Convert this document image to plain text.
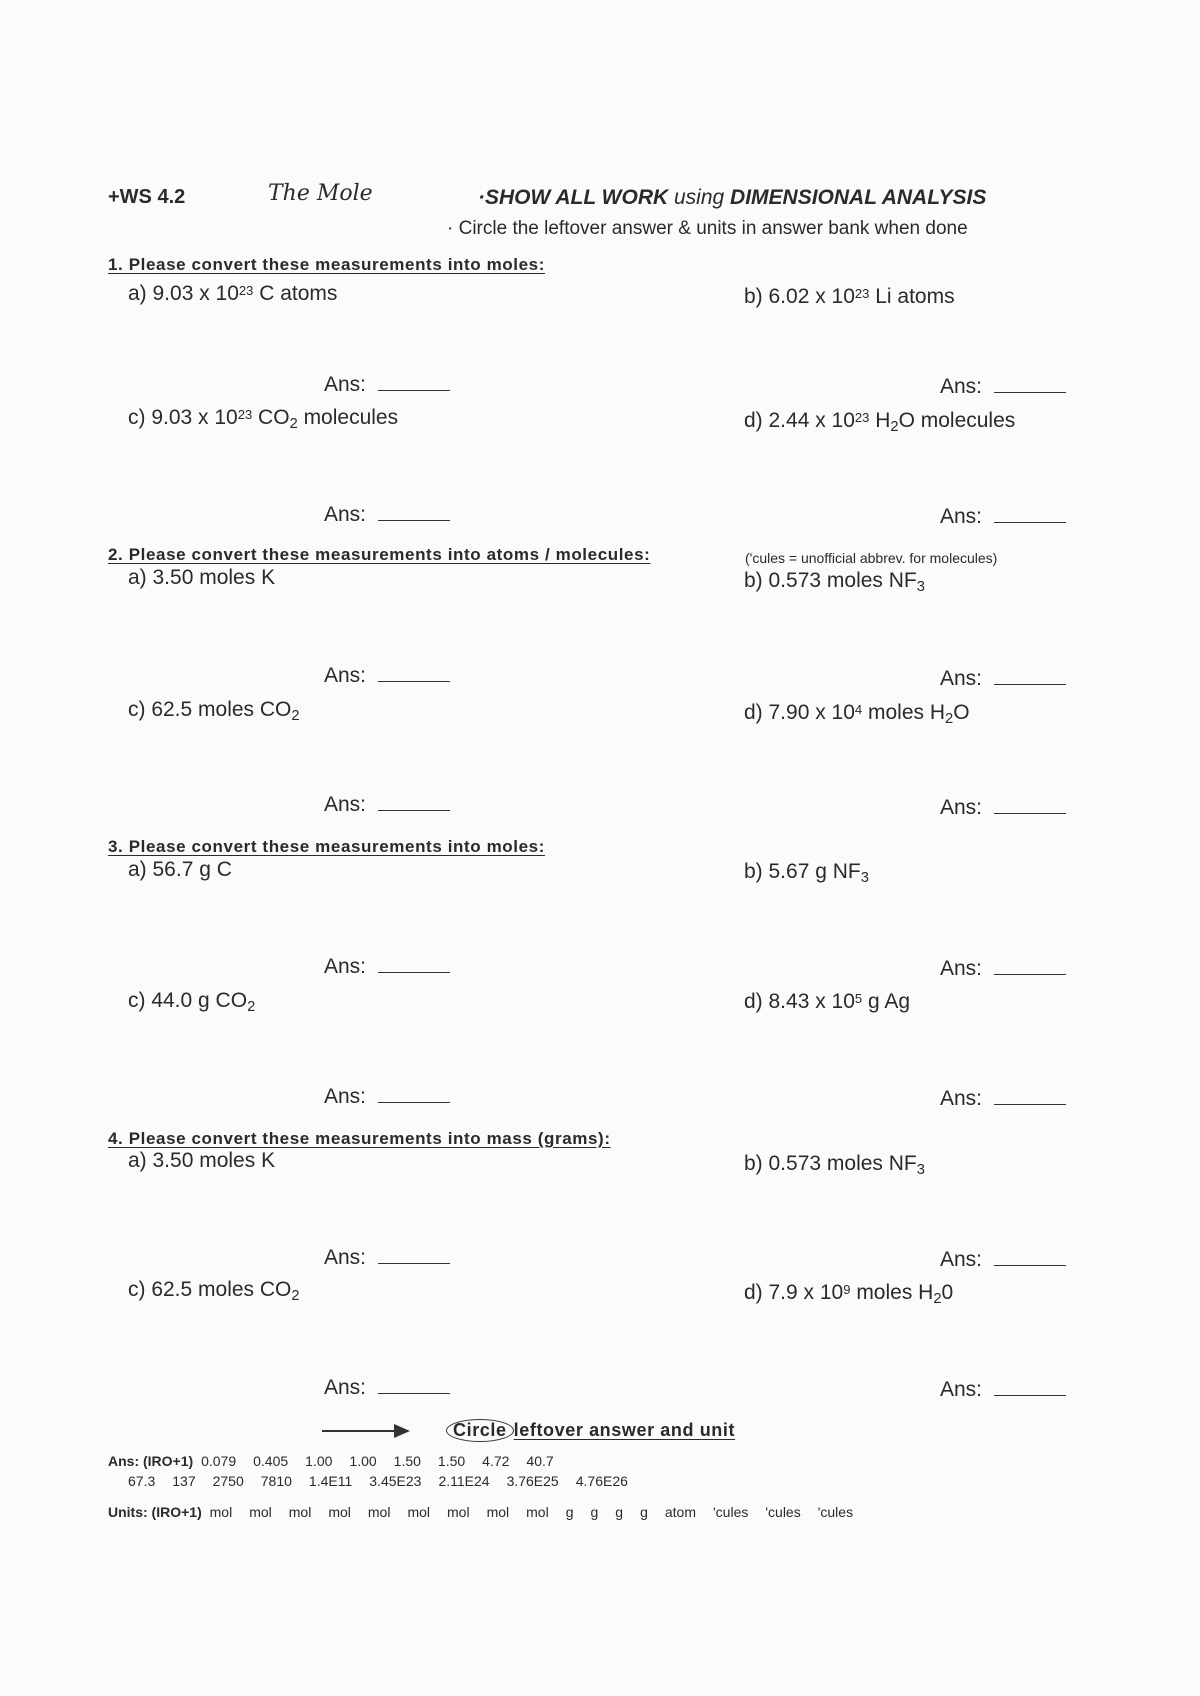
+WS 4.2	The Mole	·SHOW ALL WORK using DIMENSIONAL ANALYSIS
· Circle the leftover answer & units in answer bank when done
1. Please convert these measurements into moles:
a) 9.03 x $10^{23}$ C atoms	b) 6.02 x $10^{23}$ Li atoms
Ans:	Ans:
c) 9.03 x $10^{23}$ $CO_2$ molecules	d) 2.44 x $10^{23}$ $H_2O$ molecules
Ans:	Ans:
2. Please convert these measurements into atoms / molecules:	('cules = unofficial abbrev. for molecules)
a) 3.50 moles K	b) 0.573 moles $NF_3$
Ans:	Ans:
c) 62.5 moles $CO_2$	d) 7.90 x $10^4$ moles $H_2O$
Ans:	Ans:
3. Please convert these measurements into moles:
a) 56.7 g C	b) 5.67 g $NF_3$
Ans:	Ans:
c) 44.0 g $CO_2$	d) 8.43 x $10^5$ g Ag
Ans:	Ans:
4. Please convert these measurements into mass (grams):
a) 3.50 moles K	b) 0.573 moles $NF_3$
Ans:	Ans:
c) 62.5 moles $CO_2$	d) 7.9 x $10^9$ moles $H_20$
Ans:	Ans:
Circle leftover answer and unit
Ans: (IRO+1) 0.079 0.405 1.00 1.00 1.50 1.50 4.72 40.7
67.3 137 2750 7810 1.4E11 3.45E23 2.11E24 3.76E25 4.76E26
Units: (IRO+1) mol mol mol mol mol mol mol mol mol g g g g atom 'cules 'cules 'cules
